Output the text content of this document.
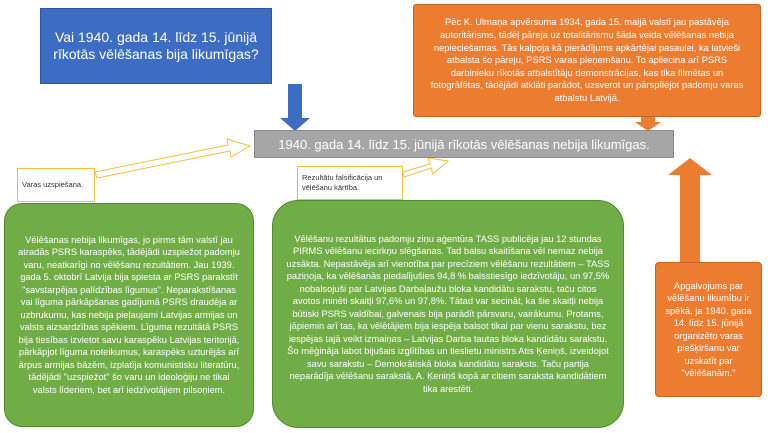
Vai 1940. gada 14. līdz 15. jūnijā rīkotās vēlēšanas bija likumīgas?
Pēc K. Ulmaņa apvērsuma 1934. gada 15. maijā valstī jau pastāvēja autoritārisms, tādēļ pāreja uz totalitārismu šāda veida vēlēšanas nebija nepieciešamas. Tās kalpoja kā pierādījums apkārtējai pasaulei, ka latvieši atbalsta šo pāreju, PSRS varas pieņemšanu. To apliecina arī PSRS darbinieku rīkotās atbalstītāju demonstrācijas, kas tika filmētas un fotogrāfētas, tādējādi atklāti parādot, uzsverot un pārspīlējot padomju varas atbalstu Latvijā.
1940. gada 14. līdz 15. jūnijā rīkotās vēlēšanas nebija likumīgas.
Varas uzspiešana.
Rezultātu falsificācija un vēlēšanu kārtība.
Vēlēšanas nebija likumīgas, jo pirms tām valstī jau atradās PSRS karaspēks, tādējādi uzspiežot padomju varu, neatkarīgi no vēlēšanu rezultātiem. Jau 1939. gada 5. oktobrī Latvija bija spiesta ar PSRS parakstīt "savstarpējas palīdzības līgumus". Neparakstīšanas vai līguma pārkāpšanas gadījumā PSRS draudēja ar uzbrukumu, kas nebija pieļaujami Latvijas armijas un valsts aizsardzības spēkiem. Līguma rezultātā PSRS bija tiesības izvietot savu karaspēku Latvijas teritorijā, pārkāpjot līguma noteikumus, karaspēks uzturējās arī ārpus armijas bāzēm, izplatīja komunistisku literatūru, tādējādi "uzspiežot" šo varu un ideoloģiju ne tikai valsts līderiem, bet arī iedzīvotājiem pilsoņiem.
Vēlēšanu rezultātus padomju ziņu aģentūra TASS publicēja jau 12 stundas PIRMS vēlēšanu iecirkņu slēgšanas. Tad balsu skaitīšana vēl nemaz nebija uzsākta. Nepastāvēja arī vienotība par precīziem vēlēšanu rezultātiem – TASS paziņoja, ka vēlēšanās piedalījušies 94,8 % balsstiesīgo iedzīvotāju, un 97,5% nobalsojuši par Latvijas Darbaļaužu bloka kandidātu sarakstu, taču citos avotos minēti skaitļi 97,6% un 97,8%. Tātad var secināt, ka šie skaitļi nebija būtiski PSRS valdībai, galvenais bija parādīt pārsvaru, vairākumu. Protams, jāpiemin arī tas, ka vēlētājiem bija iespēja balsot tikai par vienu sarakstu, bez iespējas tajā veikt izmaiņas – Latvijas Darba tautas bloka kandidātu sarakstu. Šo mēģināja labot bijušais izglītības un tieslietu ministrs Atis Ķeniņš, izveidojot savu sarakstu – Demokrātiskā bloka kandidātu saraksts. Taču partija neparādīja vēlēšanu sarakstā, A. Ķeniņš kopā ar citiem saraksta kandidātiem tika arestēti.
Apgalvojums par vēlēšanu likumību ir spēkā, ja 1940. gada 14. līdz 15. jūnijā organizēto varas piešķiršanu var uzskatīt par "vēlēšanām."
